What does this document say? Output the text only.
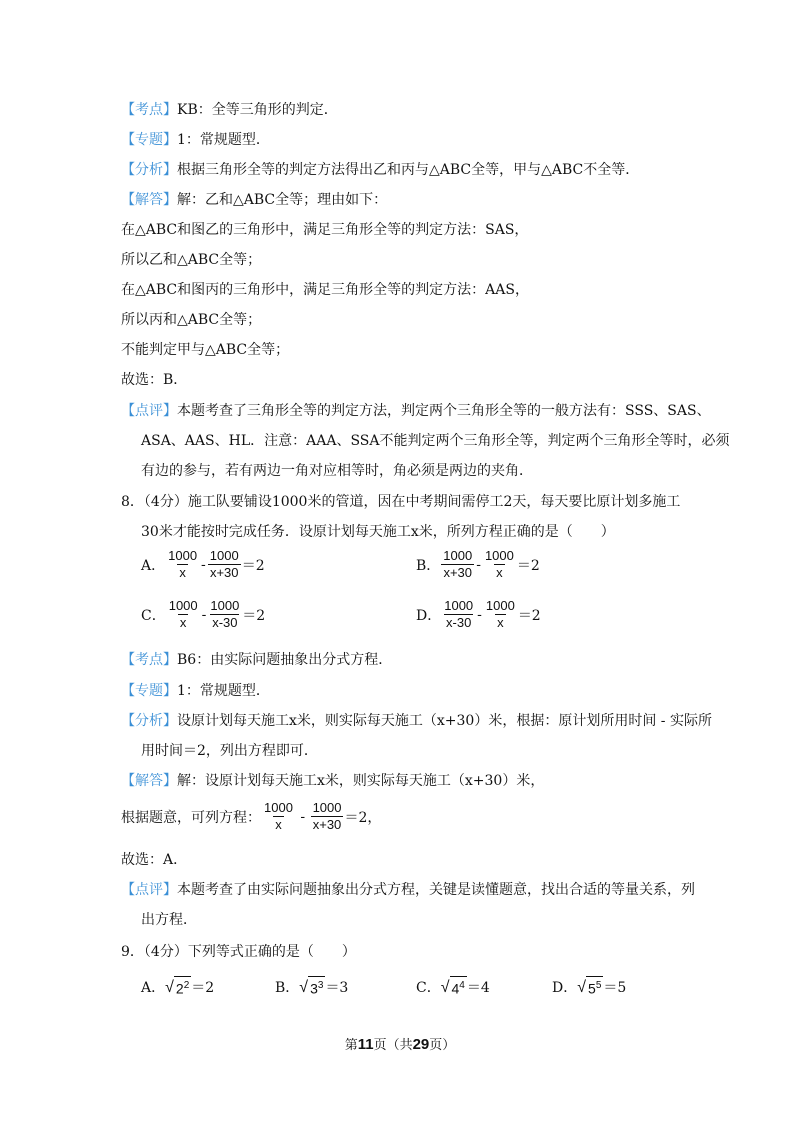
【考点】KB：全等三角形的判定．
【专题】1：常规题型．
【分析】根据三角形全等的判定方法得出乙和丙与△ABC全等，甲与△ABC不全等．
【解答】解：乙和△ABC全等；理由如下：
在△ABC和图乙的三角形中，满足三角形全等的判定方法：SAS，
所以乙和△ABC全等；
在△ABC和图丙的三角形中，满足三角形全等的判定方法：AAS，
所以丙和△ABC全等；
不能判定甲与△ABC全等；
故选：B．
【点评】本题考查了三角形全等的判定方法，判定两个三角形全等的一般方法有：SSS、SAS、
ASA、AAS、HL．注意：AAA、SSA不能判定两个三角形全等，判定两个三角形全等时，必须
有边的参与，若有两边一角对应相等时，角必须是两边的夹角．
8．（4分）施工队要铺设1000米的管道，因在中考期间需停工2天，每天要比原计划多施工
30米才能按时完成任务．设原计划每天施工x米，所列方程正确的是（　　）
A． $\frac{1000}{x} - \frac{1000}{x+30} =2$	B． $\frac{1000}{x+30} - \frac{1000}{x} =2$
C． $\frac{1000}{x} - \frac{1000}{x-30} =2$	D． $\frac{1000}{x-30} - \frac{1000}{x} =2$
【考点】B6：由实际问题抽象出分式方程．
【专题】1：常规题型．
【分析】设原计划每天施工x米，则实际每天施工（x+30）米，根据：原计划所用时间 - 实际所
用时间＝2，列出方程即可．
【解答】解：设原计划每天施工x米，则实际每天施工（x+30）米，
根据题意，可列方程： $\frac{1000}{x} - \frac{1000}{x+30} =2$，
故选：A．
【点评】本题考查了由实际问题抽象出分式方程，关键是读懂题意，找出合适的等量关系，列
出方程．
9．（4分）下列等式正确的是（　　）
A． √ $2^2 =2$	B． √ $3^3 =3$	C． √ $4^4 =4$	D． √ $5^5 =5$
第11页（共29页）
